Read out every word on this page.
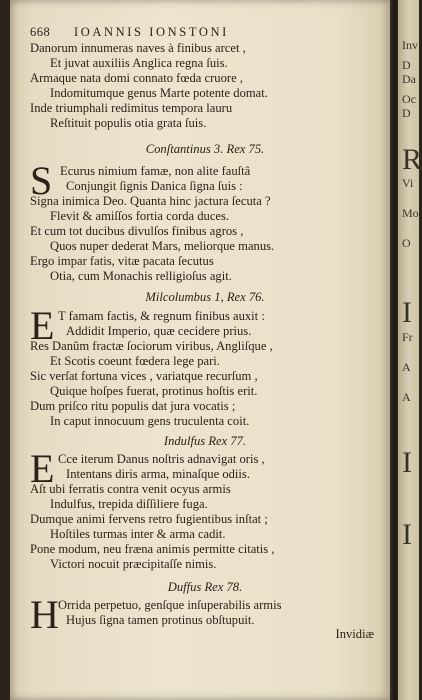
Inv
D
Da
Oc
D
R
Vi
Mo
O
I
Fr
A
A
I
I
668 IOANNIS IONSTONI
Danorum innumeras naves à finibus arcet ,
Et juvat auxiliis Anglica regna ſuis.
Armaque nata domi connato fœda cruore ,
Indomitumque genus Marte potente domat.
Inde triumphali redimitus tempora lauru
Reſtituit populis otia grata ſuis.
Conſtantinus 3. Rex 75.
S Ecurus nimium famæ, non alite fauſtâ
Conjungit ſignis Danica ſigna ſuis :
Signa inimica Deo. Quanta hinc jactura ſecuta ?
Flevit & amiſſos fortia corda duces.
Et cum tot ducibus divulſos finibus agros ,
Quos nuper dederat Mars, meliorque manus.
Ergo impar fatis, vitæ pacata ſecutus
Otia, cum Monachis relligioſus agit.
Milcolumbus 1, Rex 76.
E T famam factis, & regnum finibus auxit :
Addidit Imperio, quæ cecidere prius.
Res Danûm fractæ ſociorum viribus, Angliſque ,
Et Scotis coeunt fœdera lege pari.
Sic verſat fortuna vices , variatque recurſum ,
Quique hoſpes fuerat, protinus hoſtis erit.
Dum priſco ritu populis dat jura vocatis ;
In caput innocuum gens truculenta coit.
Indulfus Rex 77.
E Cce iterum Danus noſtris adnavigat oris ,
Intentans diris arma, minaſque odiis.
Aſt ubi ferratis contra venit ocyus armis
Indulfus, trepida diſſiliere fuga.
Dumque animi fervens retro fugientibus inſtat ;
Hoſtiles turmas inter & arma cadit.
Pone modum, neu fræna animis permitte citatis ,
Victori nocuit præcipitaſſe nimis.
Duffus Rex 78.
H Orrida perpetuo, genſque inſuperabilis armis
Hujus ſigna tamen protinus obſtupuit.
Invidiæ
